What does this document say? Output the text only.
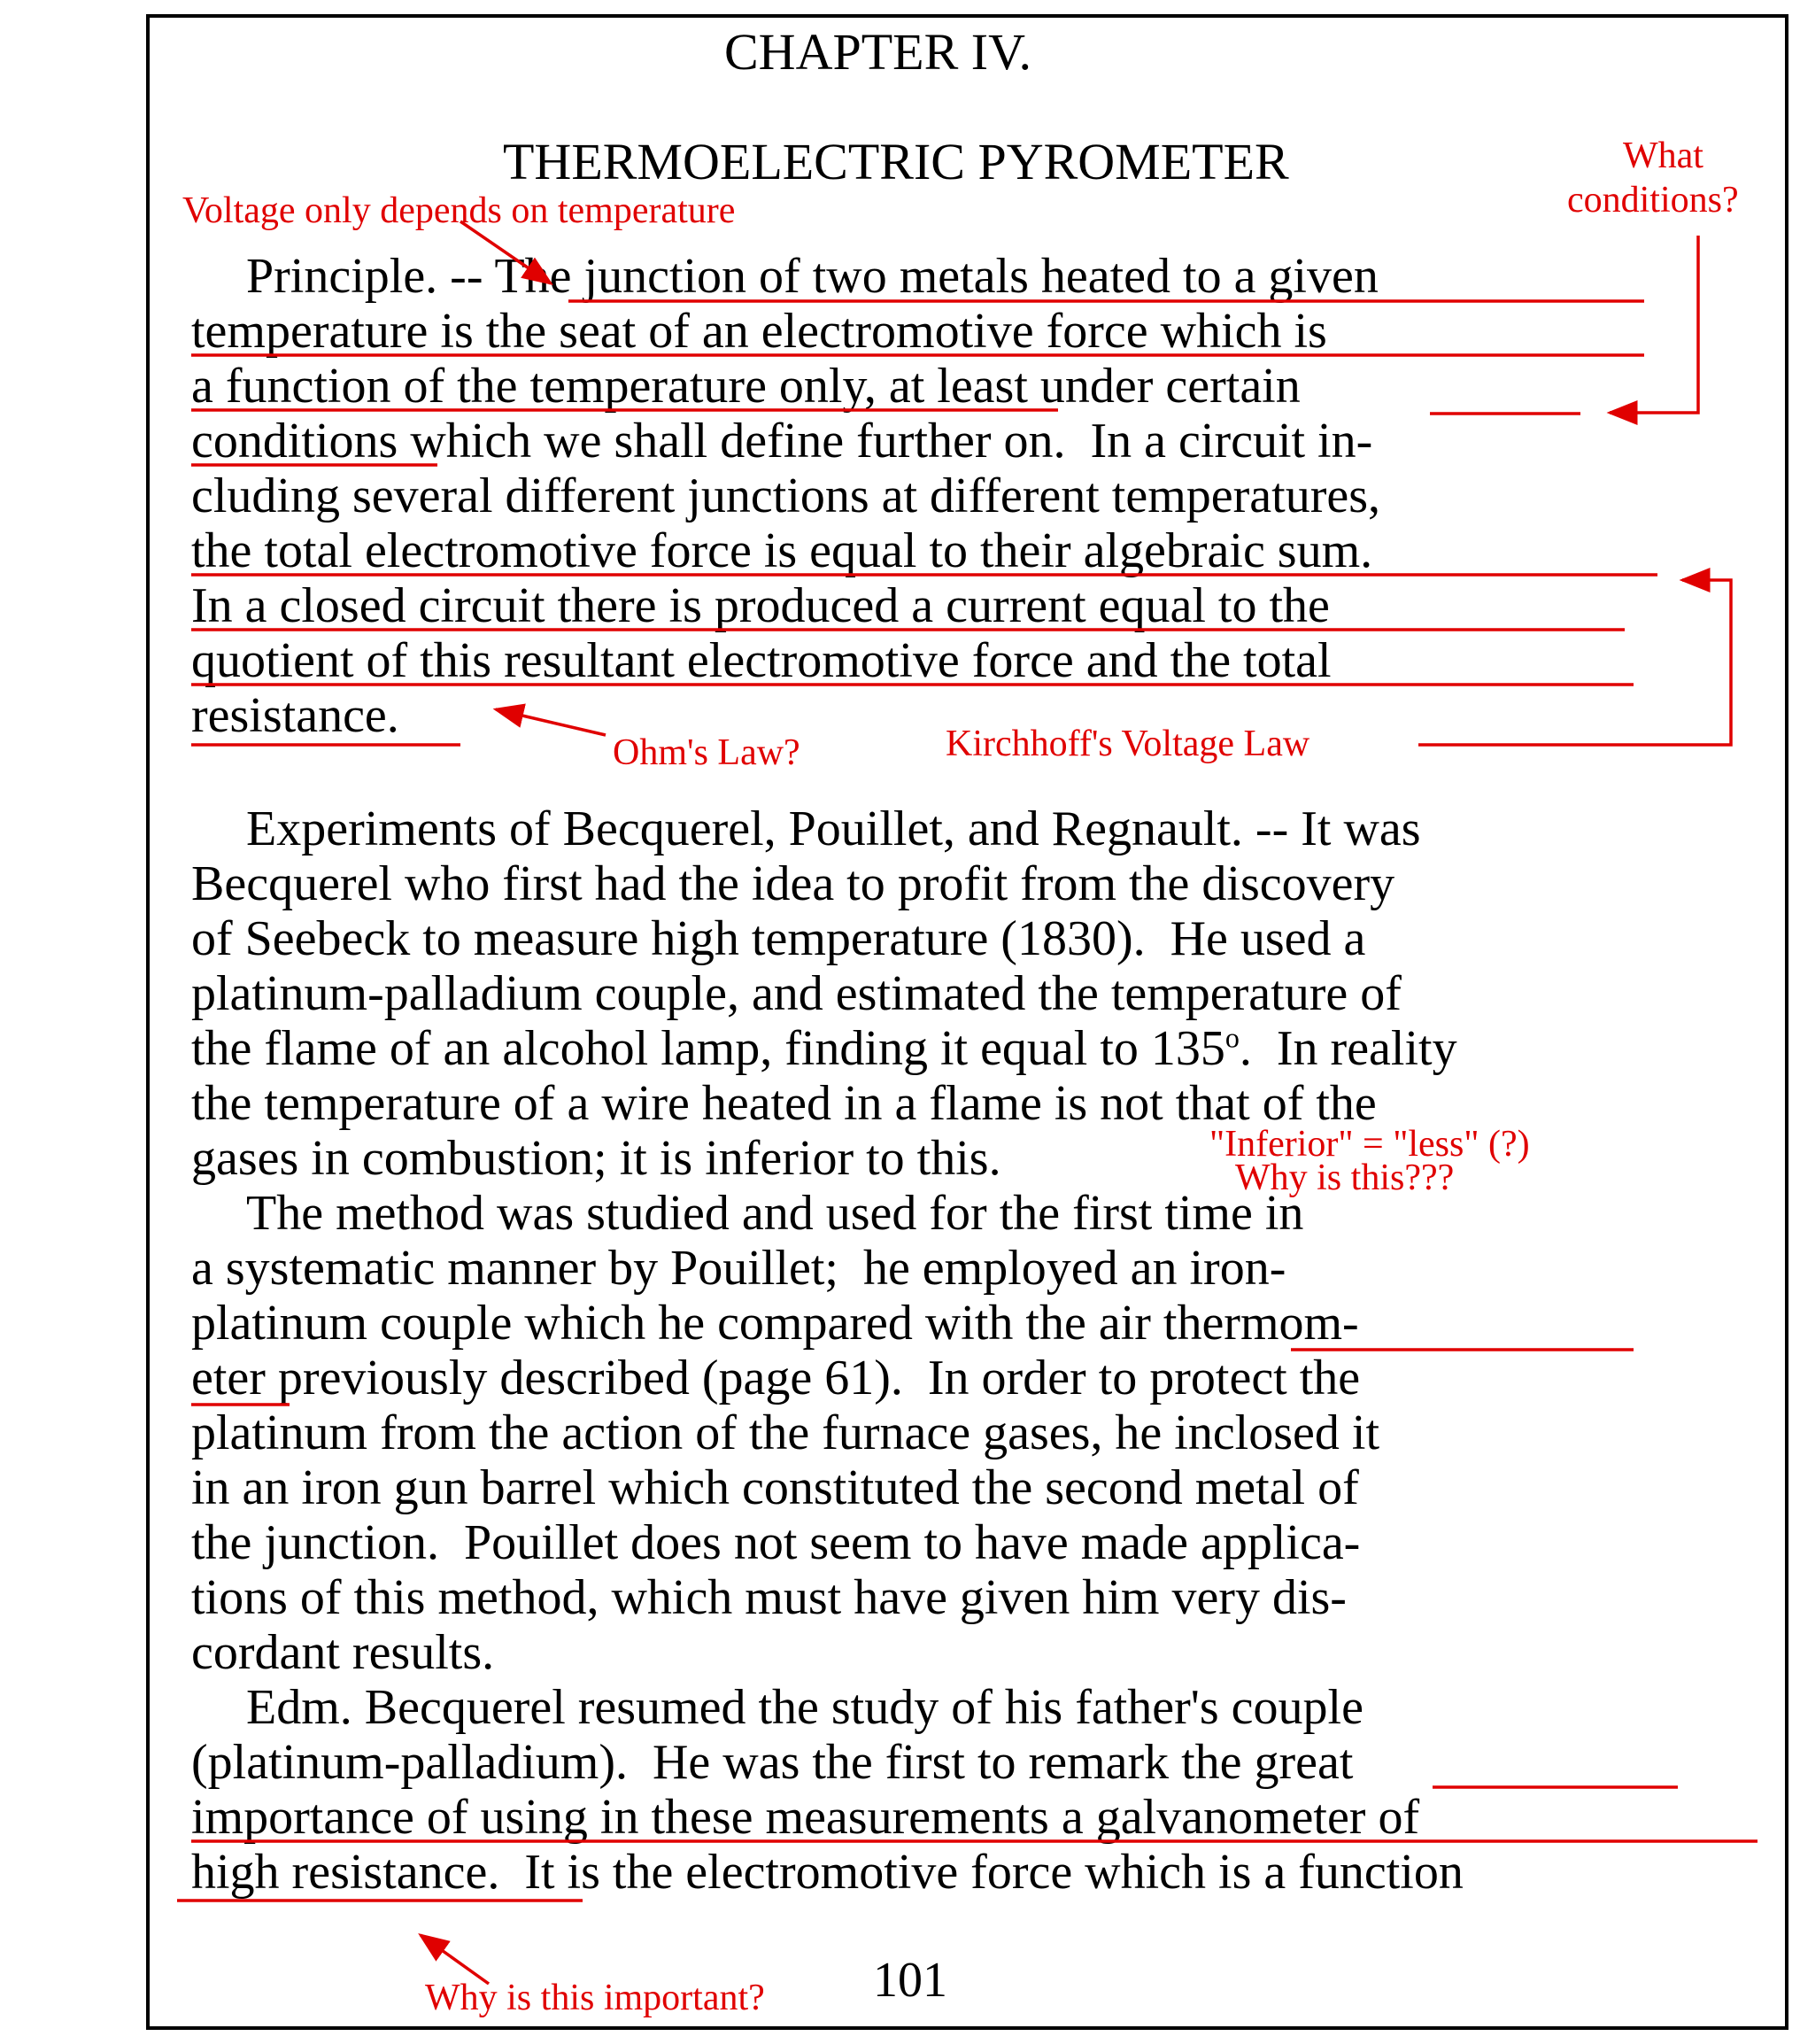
CHAPTER IV.

THERMOELECTRIC PYROMETER

Principle. -- The junction of two metals heated to a given

temperature is the seat of an electromotive force which is

a function of the temperature only, at least under certain

conditions which we shall define further on.  In a circuit in-

cluding several different junctions at different temperatures,

the total electromotive force is equal to their algebraic sum.

In a closed circuit there is produced a current equal to the

quotient of this resultant electromotive force and the total

resistance.

Experiments of Becquerel, Pouillet, and Regnault. -- It was

Becquerel who first had the idea to profit from the discovery

of Seebeck to measure high temperature (1830).  He used a

platinum-palladium couple, and estimated the temperature of

the flame of an alcohol lamp, finding it equal to 135$^o$.  In reality

the temperature of a wire heated in a flame is not that of the

gases in combustion; it is inferior to this.

The method was studied and used for the first time in

a systematic manner by Pouillet;  he employed an iron-

platinum couple which he compared with the air thermom-

eter previously described (page 61).  In order to protect the

platinum from the action of the furnace gases, he inclosed it

in an iron gun barrel which constituted the second metal of

the junction.  Pouillet does not seem to have made applica-

tions of this method, which must have given him very dis-

cordant results.

Edm. Becquerel resumed the study of his father's couple

(platinum-palladium).  He was the first to remark the great

importance of using in these measurements a galvanometer of

high resistance.  It is the electromotive force which is a function

101

Voltage only depends on temperature

What

conditions?

Ohm's Law?	Kirchhoff's Voltage Law

"Inferior" = "less" (?)

Why is this???

Why is this important?
